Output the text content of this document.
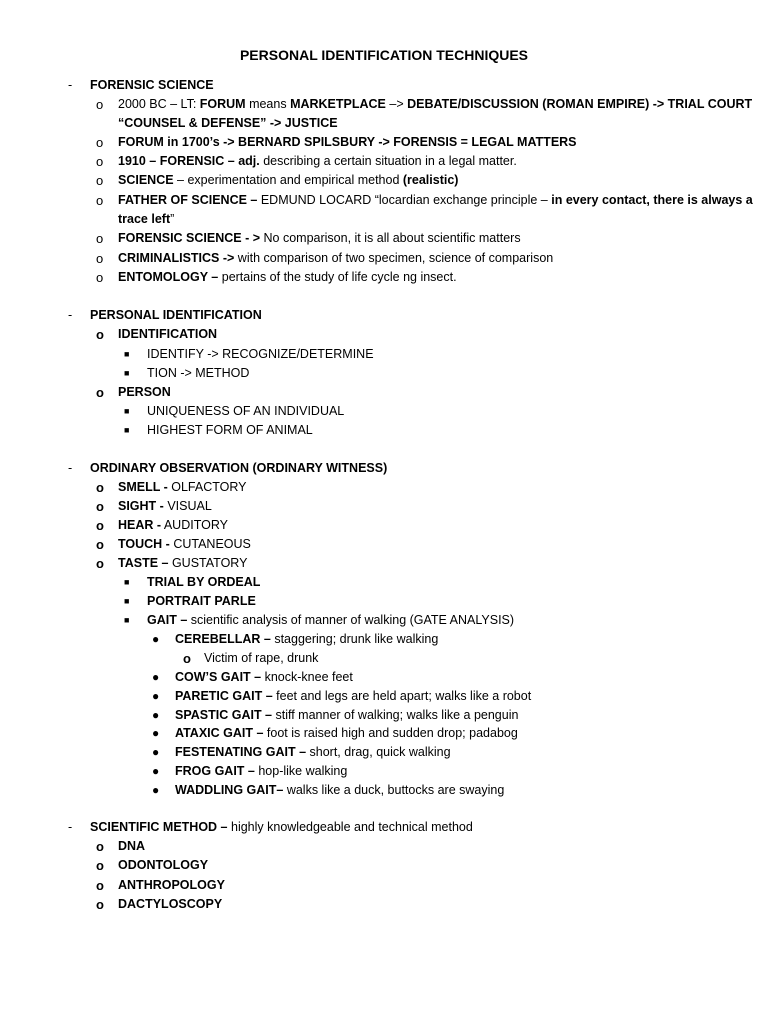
PERSONAL IDENTIFICATION TECHNIQUES
- FORENSIC SCIENCE
o 2000 BC – LT: FORUM means MARKETPLACE –> DEBATE/DISCUSSION (ROMAN EMPIRE) -> TRIAL COURT
“COUNSEL & DEFENSE” -> JUSTICE
o FORUM in 1700’s -> BERNARD SPILSBURY -> FORENSIS = LEGAL MATTERS
o 1910 – FORENSIC – adj. describing a certain situation in a legal matter.
o SCIENCE – experimentation and empirical method (realistic)
o FATHER OF SCIENCE – EDMUND LOCARD “locardian exchange principle – in every contact, there is always a
trace left”
o FORENSIC SCIENCE - > No comparison, it is all about scientific matters
o CRIMINALISTICS -> with comparison of two specimen, science of comparison
o ENTOMOLOGY – pertains of the study of life cycle ng insect.
- PERSONAL IDENTIFICATION
o IDENTIFICATION
■ IDENTIFY -> RECOGNIZE/DETERMINE
■ TION -> METHOD
o PERSON
■ UNIQUENESS OF AN INDIVIDUAL
■ HIGHEST FORM OF ANIMAL
- ORDINARY OBSERVATION (ORDINARY WITNESS)
o SMELL - OLFACTORY
o SIGHT - VISUAL
o HEAR - AUDITORY
o TOUCH - CUTANEOUS
o TASTE – GUSTATORY
■ TRIAL BY ORDEAL
■ PORTRAIT PARLE
■ GAIT – scientific analysis of manner of walking (GATE ANALYSIS)
● CEREBELLAR – staggering; drunk like walking
o Victim of rape, drunk
● COW’S GAIT – knock-knee feet
● PARETIC GAIT – feet and legs are held apart; walks like a robot
● SPASTIC GAIT – stiff manner of walking; walks like a penguin
● ATAXIC GAIT – foot is raised high and sudden drop; padabog
● FESTENATING GAIT – short, drag, quick walking
● FROG GAIT – hop-like walking
● WADDLING GAIT– walks like a duck, buttocks are swaying
- SCIENTIFIC METHOD – highly knowledgeable and technical method
o DNA
o ODONTOLOGY
o ANTHROPOLOGY
o DACTYLOSCOPY
